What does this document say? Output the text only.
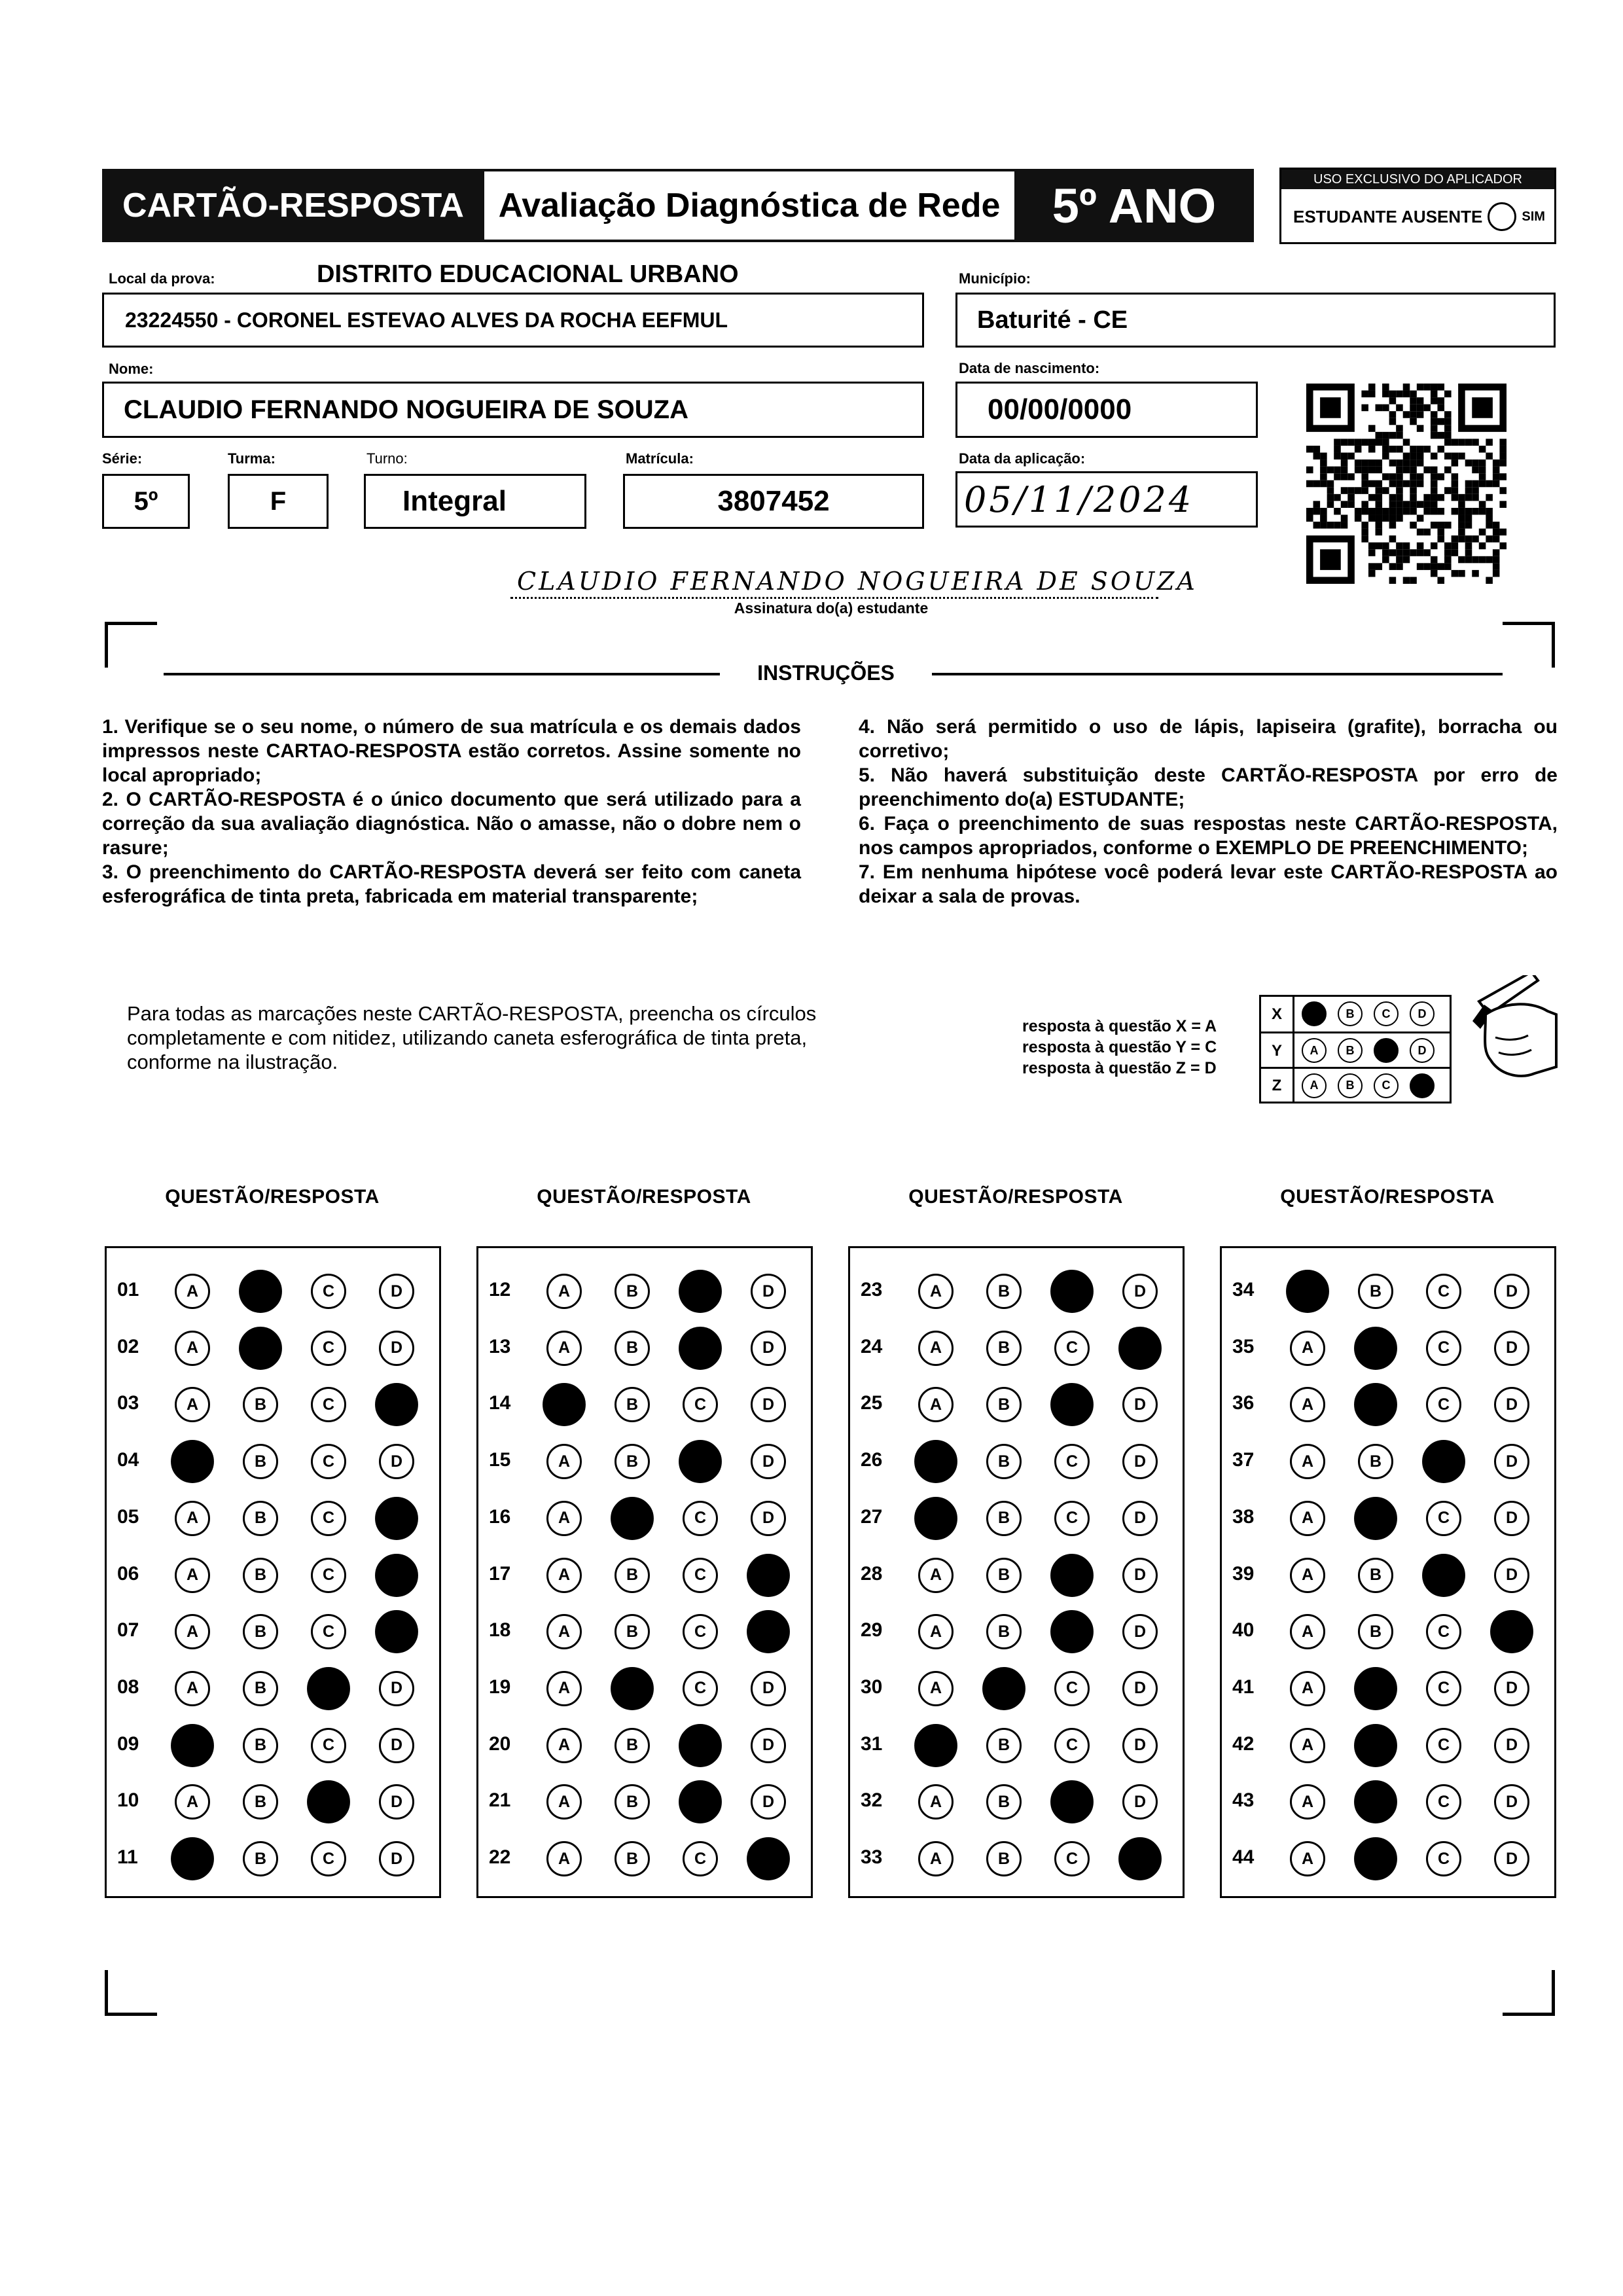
CARTÃO-RESPOSTA	Avaliação Diagnóstica de Rede	5º ANO	USO EXCLUSIVO DO APLICADOR
ESTUDANTE AUSENTE	SIM
Local da prova:	DISTRITO EDUCACIONAL URBANO
23224550 - CORONEL ESTEVAO ALVES DA ROCHA EEFMUL
Município:
Baturité - CE
Nome:
CLAUDIO FERNANDO NOGUEIRA DE SOUZA
Data de nascimento:
00/00/0000
Série:
5º
Turma:
F
Turno:
Integral
Matrícula:
3807452
Data da aplicação:
05/11/2024
CLAUDIO FERNANDO NOGUEIRA DE SOUZA
Assinatura do(a) estudante
INSTRUÇÕES

1. Verifique se o seu nome, o número de sua matrícula e os demais dados impressos neste CARTAO-RESPOSTA estão corretos. Assine somente no local apropriado;

2. O CARTÃO-RESPOSTA é o único documento que será utilizado para a correção da sua avaliação diagnóstica. Não o amasse, não o dobre nem o rasure;

3. O preenchimento do CARTÃO-RESPOSTA deverá ser feito com caneta esferográfica de tinta preta, fabricada em material transparente;

4. Não será permitido o uso de lápis, lapiseira (grafite), borracha ou corretivo;

5. Não haverá substituição deste CARTÃO-RESPOSTA por erro de preenchimento do(a) ESTUDANTE;

6. Faça o preenchimento de suas respostas neste CARTÃO-RESPOSTA, nos campos apropriados, conforme o EXEMPLO DE PREENCHIMENTO;

7. Em nenhuma hipótese você poderá levar este CARTÃO-RESPOSTA ao deixar a sala de provas.

Para todas as marcações neste CARTÃO-RESPOSTA, preencha os círculos completamente e com nitidez, utilizando caneta esferográfica de tinta preta, conforme na ilustração.
resposta à questão X = A
resposta à questão Y = C
resposta à questão Z = D
X	A	B	C	D
Y	A	B	C	D
Z	A	B	C	D
QUESTÃO/RESPOSTA	QUESTÃO/RESPOSTA	QUESTÃO/RESPOSTA	QUESTÃO/RESPOSTA
01	A	B	C	D
02	A	B	C	D
03	A	B	C	D
04	A	B	C	D
05	A	B	C	D
06	A	B	C	D
07	A	B	C	D
08	A	B	C	D
09	A	B	C	D
10	A	B	C	D
11	A	B	C	D
12	A	B	C	D
13	A	B	C	D
14	A	B	C	D
15	A	B	C	D
16	A	B	C	D
17	A	B	C	D
18	A	B	C	D
19	A	B	C	D
20	A	B	C	D
21	A	B	C	D
22	A	B	C	D
23	A	B	C	D
24	A	B	C	D
25	A	B	C	D
26	A	B	C	D
27	A	B	C	D
28	A	B	C	D
29	A	B	C	D
30	A	B	C	D
31	A	B	C	D
32	A	B	C	D
33	A	B	C	D
34	A	B	C	D
35	A	B	C	D
36	A	B	C	D
37	A	B	C	D
38	A	B	C	D
39	A	B	C	D
40	A	B	C	D
41	A	B	C	D
42	A	B	C	D
43	A	B	C	D
44	A	B	C	D
